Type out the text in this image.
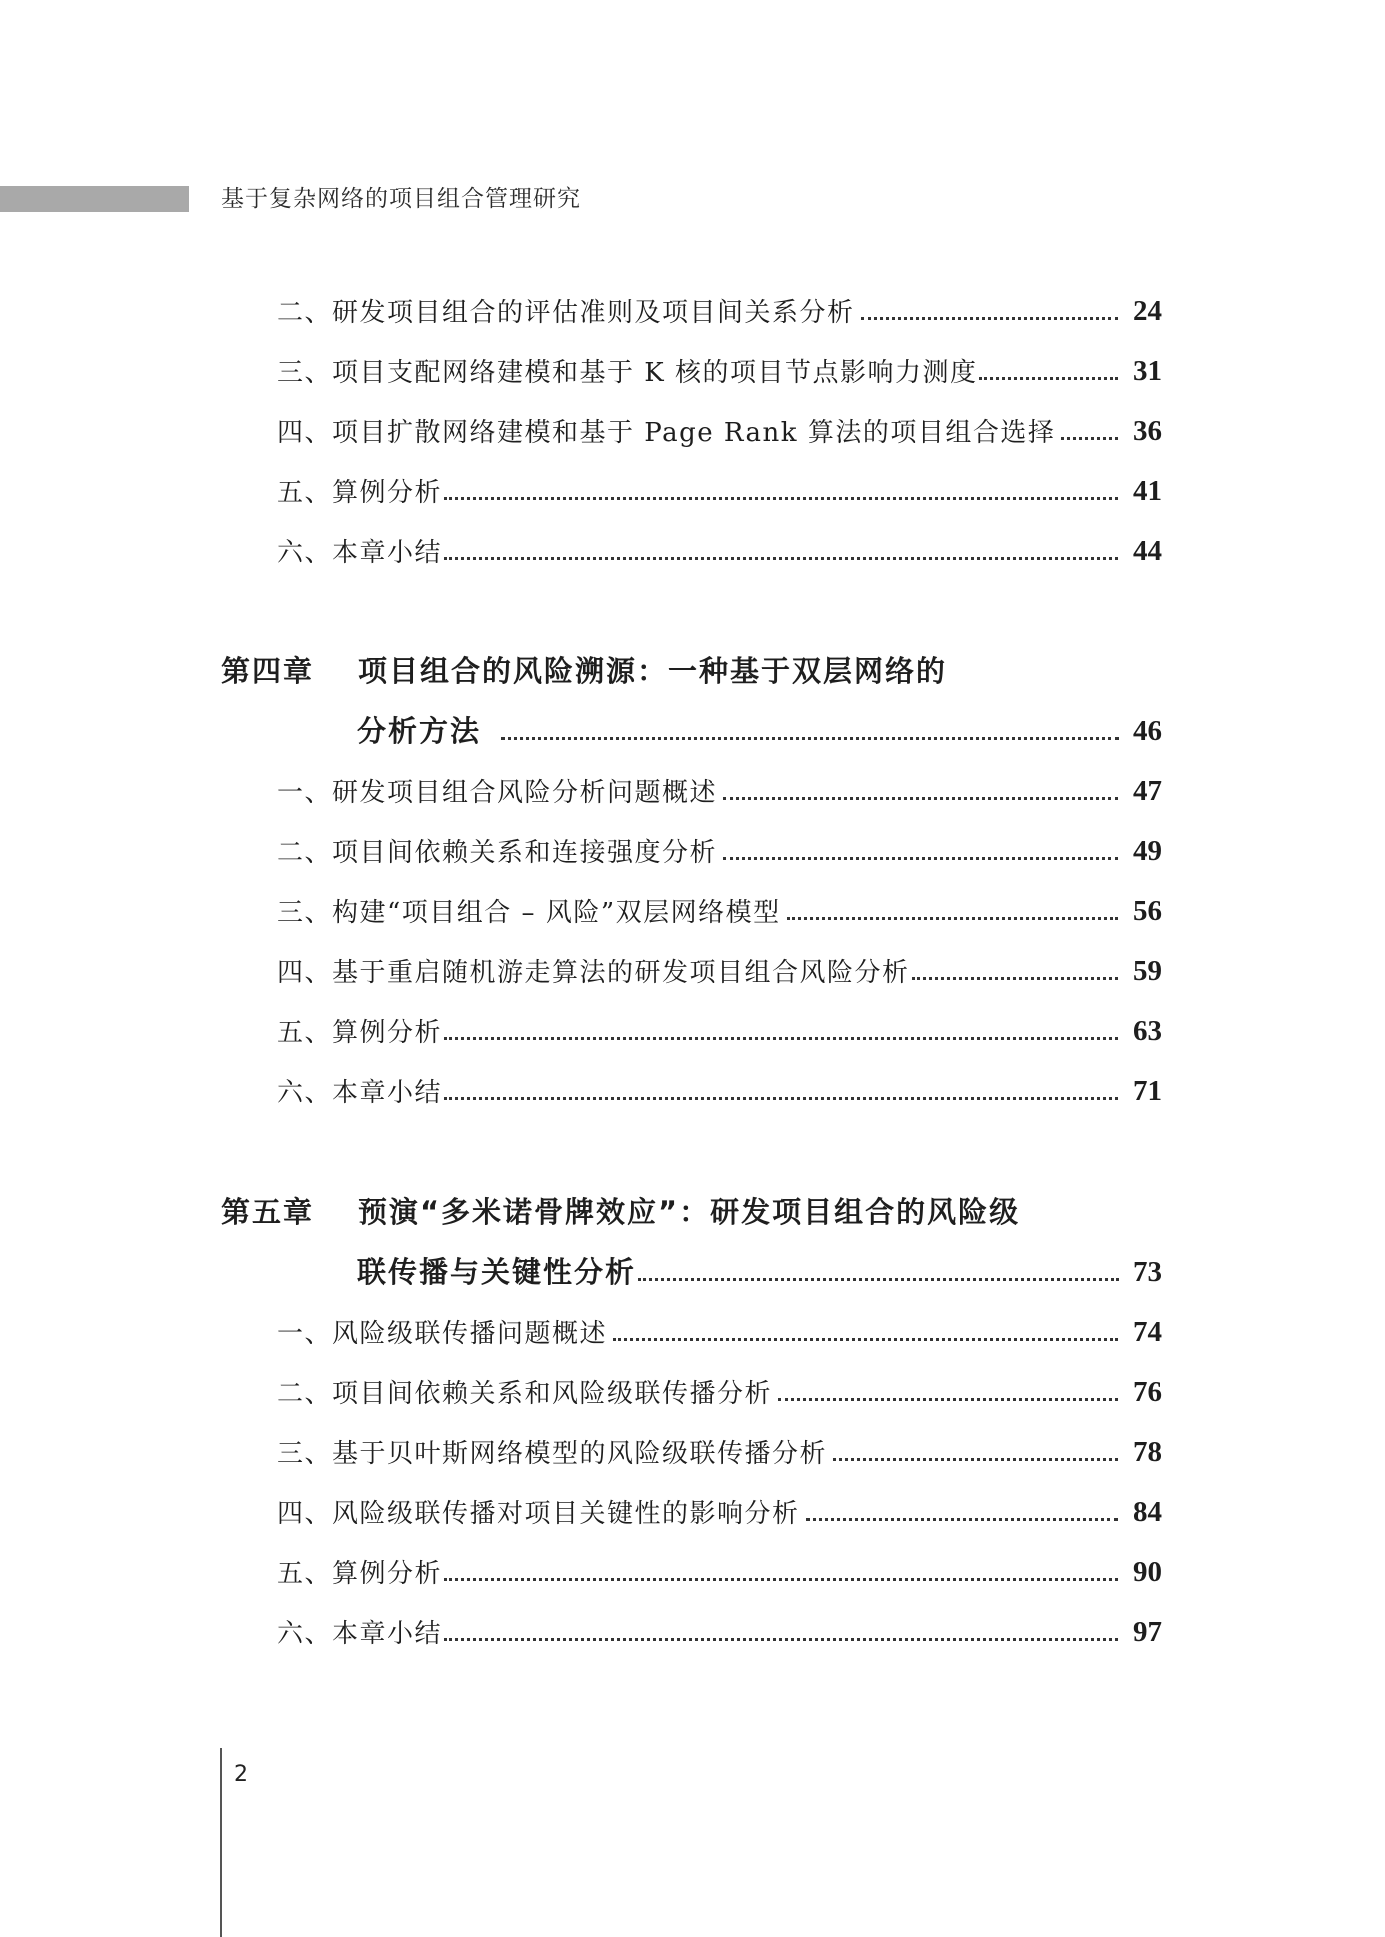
基于复杂网络的项目组合管理研究
二、研发项目组合的评估准则及项目间关系分析	24
三、项目支配网络建模和基于 K 核的项目节点影响力测度	31
四、项目扩散网络建模和基于 Page Rank 算法的项目组合选择	36
五、算例分析	41
六、本章小结	44
第四章	项目组合的风险溯源：一种基于双层网络的
分析方法	46
一、研发项目组合风险分析问题概述	47
二、项目间依赖关系和连接强度分析	49
三、构建“项目组合 – 风险”双层网络模型	56
四、基于重启随机游走算法的研发项目组合风险分析	59
五、算例分析	63
六、本章小结	71
第五章	预演“多米诺骨牌效应”：研发项目组合的风险级
联传播与关键性分析	73
一、风险级联传播问题概述	74
二、项目间依赖关系和风险级联传播分析	76
三、基于贝叶斯网络模型的风险级联传播分析	78
四、风险级联传播对项目关键性的影响分析	84
五、算例分析	90
六、本章小结	97
2
